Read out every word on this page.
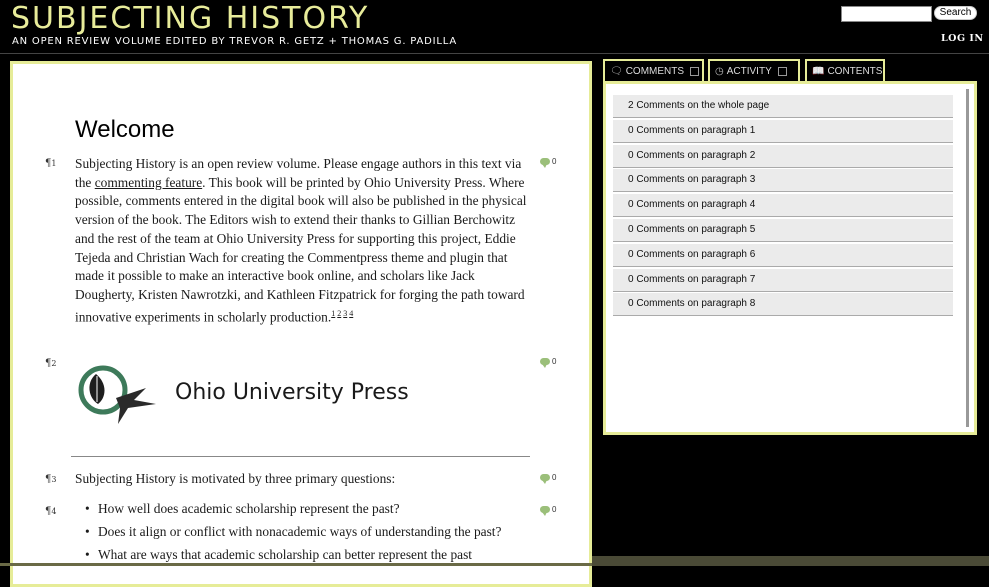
SUBJECTING HISTORY
AN OPEN REVIEW VOLUME EDITED BY TREVOR R. GETZ + THOMAS G. PADILLA
Search
LOG IN
Welcome
¶1	0

Subjecting History is an open review volume. Please engage authors in this text via the commenting feature. This book will be printed by Ohio University Press. Where possible, comments entered in the digital book will also be published in the physical version of the book. The Editors wish to extend their thanks to Gillian Berchowitz and the rest of the team at Ohio University Press for supporting this project, Eddie Tejeda and Christian Wach for creating the Commentpress theme and plugin that made it possible to make an interactive book online, and scholars like Jack Dougherty, Kristen Nawrotzki, and Kathleen Fitzpatrick for forging the path toward innovative experiments in scholarly production.$^{1 2 3 4}$

¶2	0
Ohio University Press
¶3	0

Subjecting History is motivated by three primary questions:

¶4	0
• How well does academic scholarship represent the past?
• Does it align or conflict with nonacademic ways of understanding the past?
• What are ways that academic scholarship can better represent the past
🗨 COMMENTS	◷ ACTIVITY	📖 CONTENTS
2 Comments on the whole page
0 Comments on paragraph 1
0 Comments on paragraph 2
0 Comments on paragraph 3
0 Comments on paragraph 4
0 Comments on paragraph 5
0 Comments on paragraph 6
0 Comments on paragraph 7
0 Comments on paragraph 8
